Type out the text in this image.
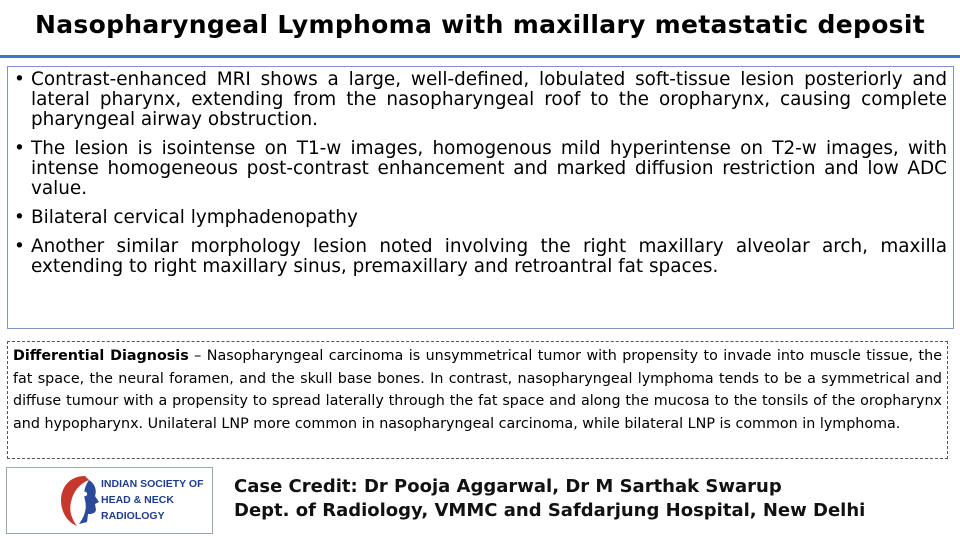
Nasopharyngeal Lymphoma with maxillary metastatic deposit
• Contrast-enhanced MRI shows a large, well-defined, lobulated soft-tissue lesion posteriorly and lateral pharynx, extending from the nasopharyngeal roof to the oropharynx, causing complete pharyngeal airway obstruction.
• The lesion is isointense on T1-w images, homogenous mild hyperintense on T2-w images, with intense homogeneous post-contrast enhancement and marked diffusion restriction and low ADC value.
• Bilateral cervical lymphadenopathy
• Another similar morphology lesion noted involving the right maxillary alveolar arch, maxilla extending to right maxillary sinus, premaxillary and retroantral fat spaces.
Differential Diagnosis – Nasopharyngeal carcinoma is unsymmetrical tumor with propensity to invade into muscle tissue, the fat space, the neural foramen, and the skull base bones. In contrast, nasopharyngeal lymphoma tends to be a symmetrical and diffuse tumour with a propensity to spread laterally through the fat space and along the mucosa to the tonsils of the oropharynx and hypopharynx. Unilateral LNP more common in nasopharyngeal carcinoma, while bilateral LNP is common in lymphoma.
INDIAN SOCIETY OF
HEAD & NECK
RADIOLOGY
Case Credit: Dr Pooja Aggarwal, Dr M Sarthak Swarup
Dept. of Radiology, VMMC and Safdarjung Hospital, New Delhi
